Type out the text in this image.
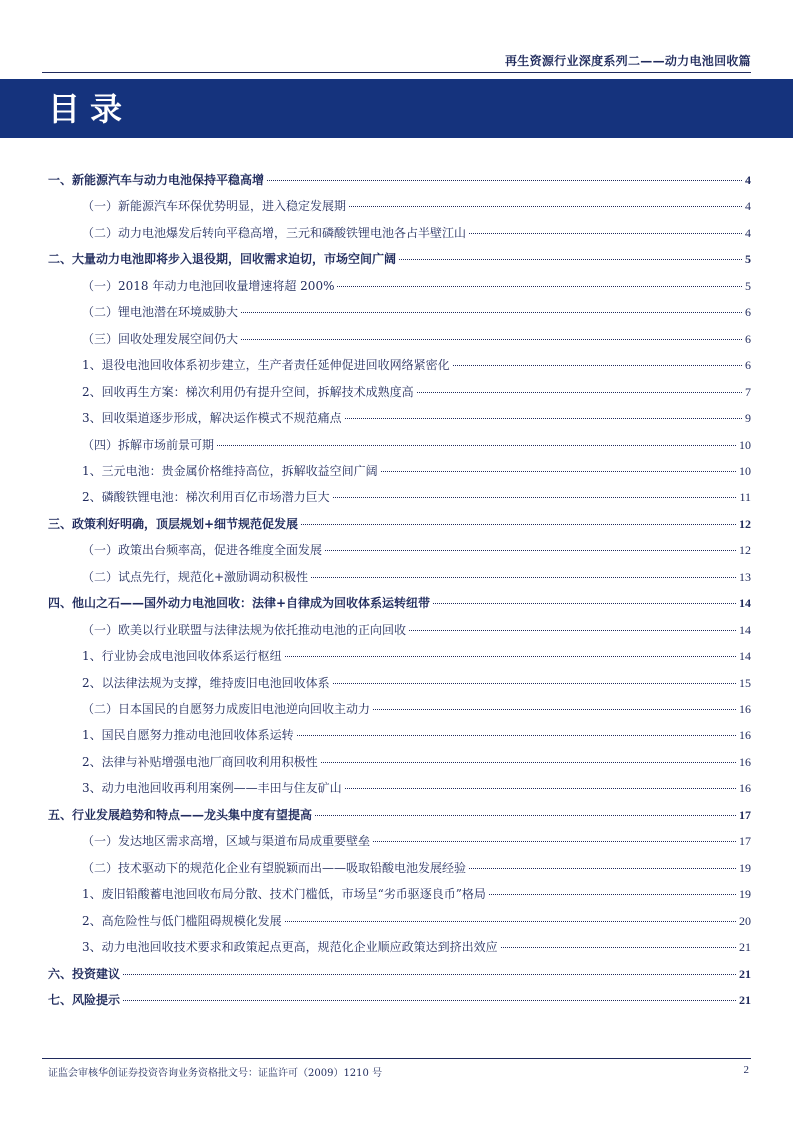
再生资源行业深度系列二——动力电池回收篇
目录
一、新能源汽车与动力电池保持平稳高增	4
（一）新能源汽车环保优势明显，进入稳定发展期	4
（二）动力电池爆发后转向平稳高增，三元和磷酸铁锂电池各占半壁江山	4
二、大量动力电池即将步入退役期，回收需求迫切，市场空间广阔	5
（一）2018 年动力电池回收量增速将超 200%	5
（二）锂电池潜在环境威胁大	6
（三）回收处理发展空间仍大	6
1、退役电池回收体系初步建立，生产者责任延伸促进回收网络紧密化	6
2、回收再生方案：梯次利用仍有提升空间，拆解技术成熟度高	7
3、回收渠道逐步形成，解决运作模式不规范痛点	9
（四）拆解市场前景可期	10
1、三元电池：贵金属价格维持高位，拆解收益空间广阔	10
2、磷酸铁锂电池：梯次利用百亿市场潜力巨大	11
三、政策利好明确，顶层规划+细节规范促发展	12
（一）政策出台频率高，促进各维度全面发展	12
（二）试点先行，规范化+激励调动积极性	13
四、他山之石——国外动力电池回收：法律+自律成为回收体系运转纽带	14
（一）欧美以行业联盟与法律法规为依托推动电池的正向回收	14
1、行业协会成电池回收体系运行枢纽	14
2、以法律法规为支撑，维持废旧电池回收体系	15
（二）日本国民的自愿努力成废旧电池逆向回收主动力	16
1、国民自愿努力推动电池回收体系运转	16
2、法律与补贴增强电池厂商回收利用积极性	16
3、动力电池回收再利用案例——丰田与住友矿山	16
五、行业发展趋势和特点——龙头集中度有望提高	17
（一）发达地区需求高增，区域与渠道布局成重要壁垒	17
（二）技术驱动下的规范化企业有望脱颖而出——吸取铅酸电池发展经验	19
1、废旧铅酸蓄电池回收布局分散、技术门槛低，市场呈“劣币驱逐良币”格局	19
2、高危险性与低门槛阻碍规模化发展	20
3、动力电池回收技术要求和政策起点更高，规范化企业顺应政策达到挤出效应	21
六、投资建议	21
七、风险提示	21
证监会审核华创证券投资咨询业务资格批文号：证监许可（2009）1210 号	2
